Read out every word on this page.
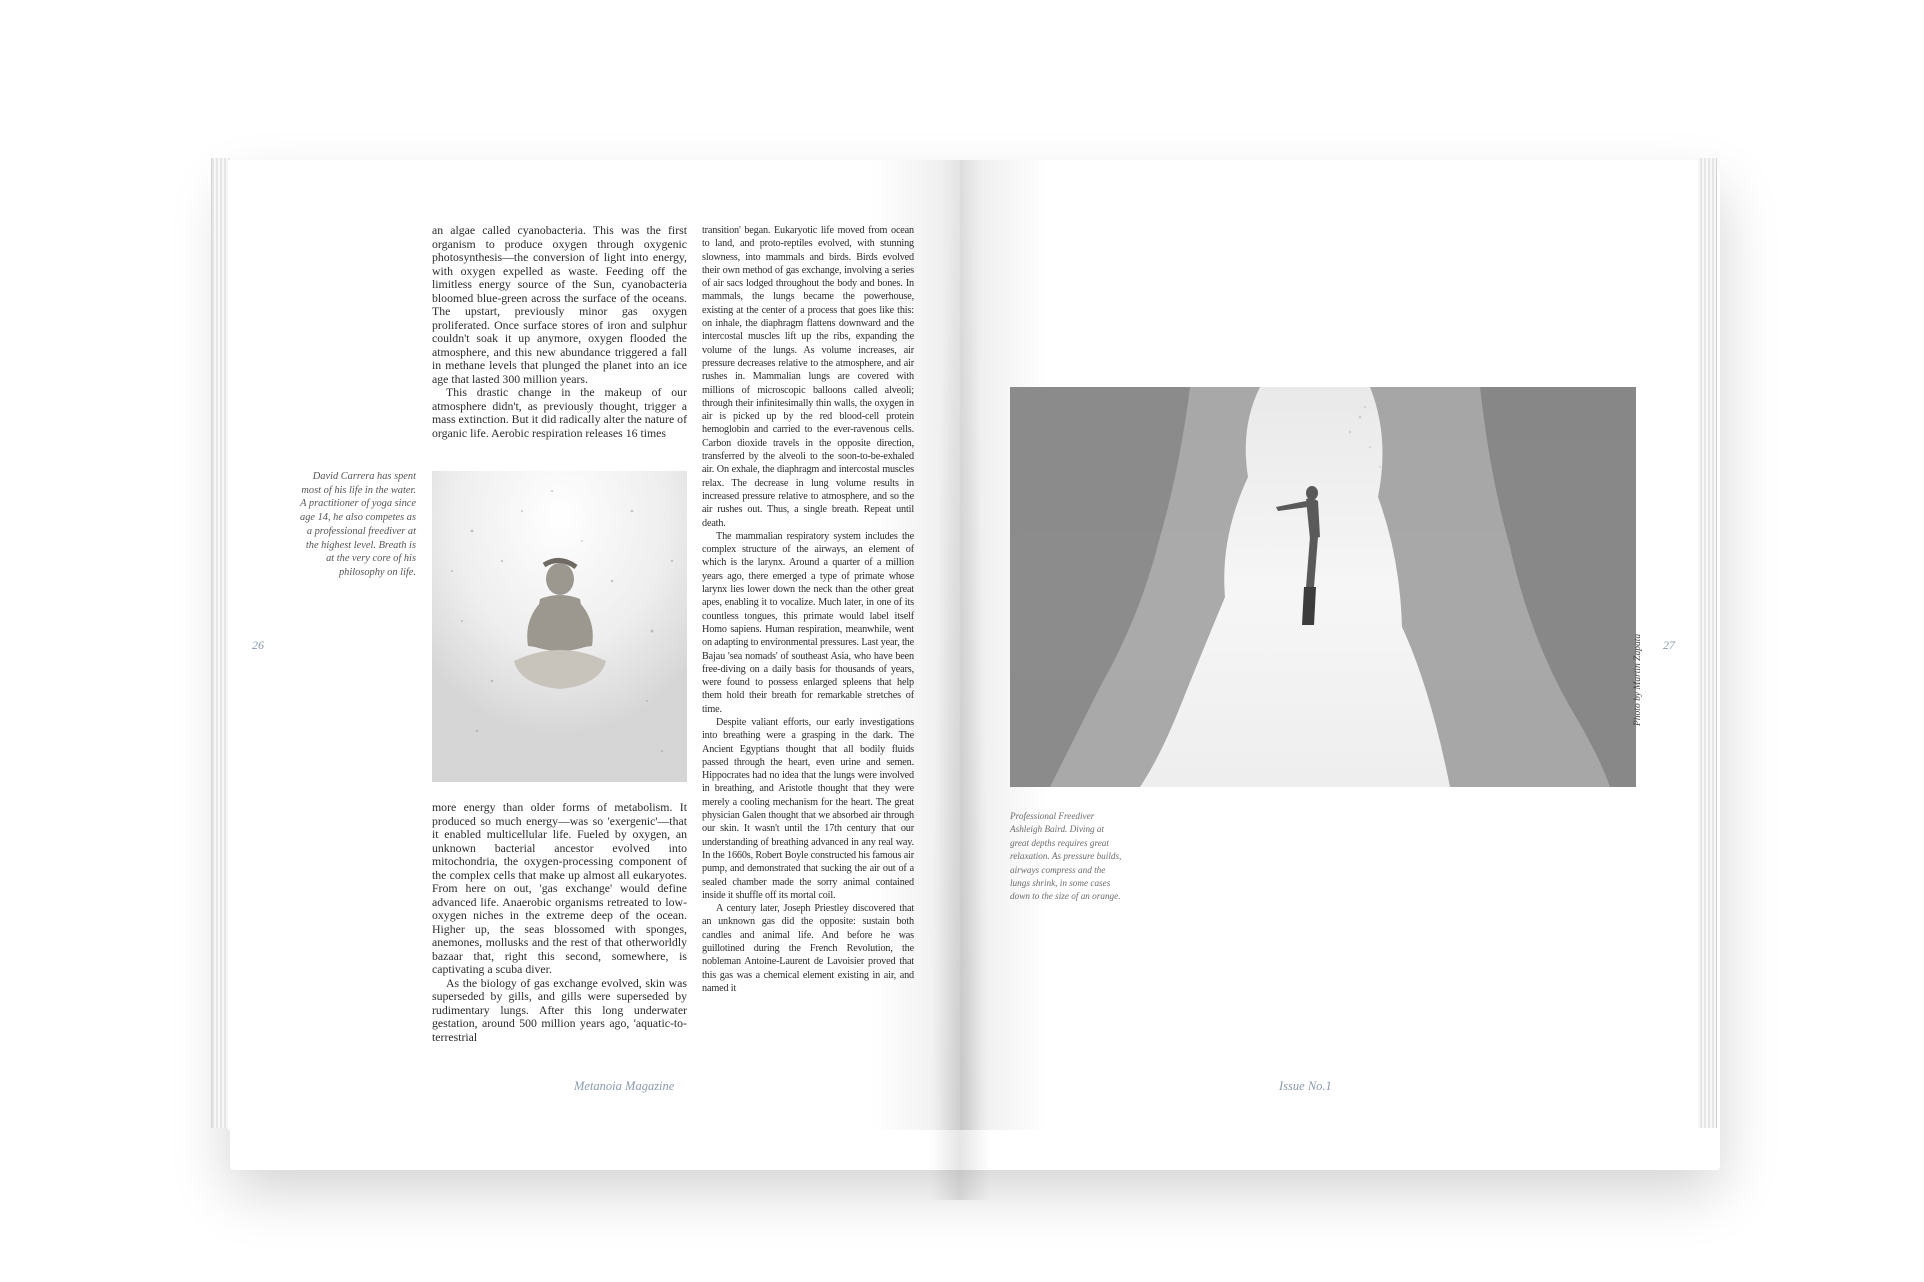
David Carrera has spent most of his life in the water. A practitioner of yoga since age 14, he also competes as a professional freediver at the highest level. Breath is at the very core of his philosophy on life.

an algae called cyanobacteria. This was the first organism to produce oxygen through oxygenic photosynthesis—the conversion of light into energy, with oxygen expelled as waste. Feeding off the limitless energy source of the Sun, cyanobacteria bloomed blue-green across the surface of the oceans. The upstart, previously minor gas oxygen proliferated. Once surface stores of iron and sulphur couldn't soak it up anymore, oxygen flooded the atmosphere, and this new abundance triggered a fall in methane levels that plunged the planet into an ice age that lasted 300 million years.

This drastic change in the makeup of our atmosphere didn't, as previously thought, trigger a mass extinction. But it did radically alter the nature of organic life. Aerobic respiration releases 16 times

more energy than older forms of metabolism. It produced so much energy—was so 'exergenic'—that it enabled multicellular life. Fueled by oxygen, an unknown bacterial ancestor evolved into mitochondria, the oxygen-processing component of the complex cells that make up almost all eukaryotes. From here on out, 'gas exchange' would define advanced life. Anaerobic organisms retreated to low-oxygen niches in the extreme deep of the ocean. Higher up, the seas blossomed with sponges, anemones, mollusks and the rest of that otherworldly bazaar that, right this second, somewhere, is captivating a scuba diver.

As the biology of gas exchange evolved, skin was superseded by gills, and gills were superseded by rudimentary lungs. After this long underwater gestation, around 500 million years ago, 'aquatic-to-terrestrial

transition' began. Eukaryotic life moved from ocean to land, and proto-reptiles evolved, with stunning slowness, into mammals and birds. Birds evolved their own method of gas exchange, involving a series of air sacs lodged throughout the body and bones. In mammals, the lungs became the powerhouse, existing at the center of a process that goes like this: on inhale, the diaphragm flattens downward and the intercostal muscles lift up the ribs, expanding the volume of the lungs. As volume increases, air pressure decreases relative to the atmosphere, and air rushes in. Mammalian lungs are covered with millions of microscopic balloons called alveoli; through their infinitesimally thin walls, the oxygen in air is picked up by the red blood-cell protein hemoglobin and carried to the ever-ravenous cells. Carbon dioxide travels in the opposite direction, transferred by the alveoli to the soon-to-be-exhaled air. On exhale, the diaphragm and intercostal muscles relax. The decrease in lung volume results in increased pressure relative to atmosphere, and so the air rushes out. Thus, a single breath. Repeat until death.

The mammalian respiratory system includes the complex structure of the airways, an element of which is the larynx. Around a quarter of a million years ago, there emerged a type of primate whose larynx lies lower down the neck than the other great apes, enabling it to vocalize. Much later, in one of its countless tongues, this primate would label itself Homo sapiens. Human respiration, meanwhile, went on adapting to environmental pressures. Last year, the Bajau 'sea nomads' of southeast Asia, who have been free-diving on a daily basis for thousands of years, were found to possess enlarged spleens that help them hold their breath for remarkable stretches of time.

Despite valiant efforts, our early investigations into breathing were a grasping in the dark. The Ancient Egyptians thought that all bodily fluids passed through the heart, even urine and semen. Hippocrates had no idea that the lungs were involved in breathing, and Aristotle thought that they were merely a cooling mechanism for the heart. The great physician Galen thought that we absorbed air through our skin. It wasn't until the 17th century that our understanding of breathing advanced in any real way. In the 1660s, Robert Boyle constructed his famous air pump, and demonstrated that sucking the air out of a sealed chamber made the sorry animal contained inside it shuffle off its mortal coil.

A century later, Joseph Priestley discovered that an unknown gas did the opposite: sustain both candles and animal life. And before he was guillotined during the French Revolution, the nobleman Antoine-Laurent de Lavoisier proved that this gas was a chemical element existing in air, and named it

26
Metanoia Magazine
Professional Freediver Ashleigh Baird. Diving at great depths requires great relaxation. As pressure builds, airways compress and the lungs shrink, in some cases down to the size of an orange.
Photo by Martin Zapata 27
Issue No.1
